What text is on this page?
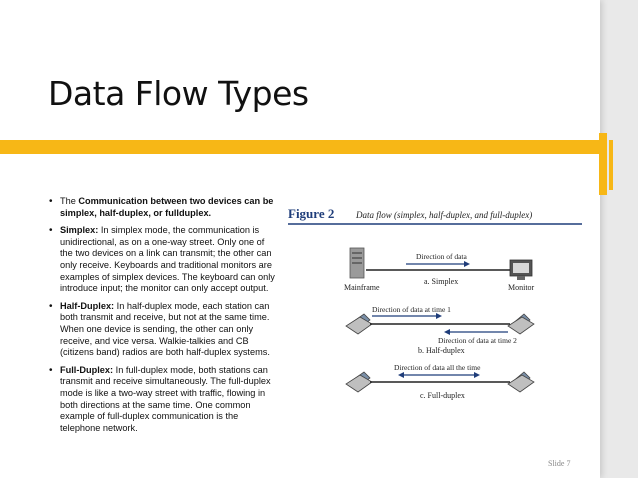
Data Flow Types
• The Communication between two devices can be simplex, half-duplex, or fullduplex.
• Simplex: In simplex mode, the communication is unidirectional, as on a one-way street. Only one of the two devices on a link can transmit; the other can only receive. Keyboards and traditional monitors are examples of simplex devices. The keyboard can only introduce input; the monitor can only accept output.
• Half-Duplex: In half-duplex mode, each station can both transmit and receive, but not at the same time. When one device is sending, the other can only receive, and vice versa. Walkie-talkies and CB (citizens band) radios are both half-duplex systems.
• Full-Duplex: In full-duplex mode, both stations can transmit and receive simultaneously. The full-duplex mode is like a two-way street with traffic, flowing in both directions at the same time. One common example of full-duplex communication is the telephone network.
Figure 2 Data flow (simplex, half-duplex, and full-duplex)
Mainframe	Monitor
Direction of data
a. Simplex
Direction of data at time 1
Direction of data at time 2
b. Half-duplex
Direction of data all the time
c. Full-duplex
Slide 7
